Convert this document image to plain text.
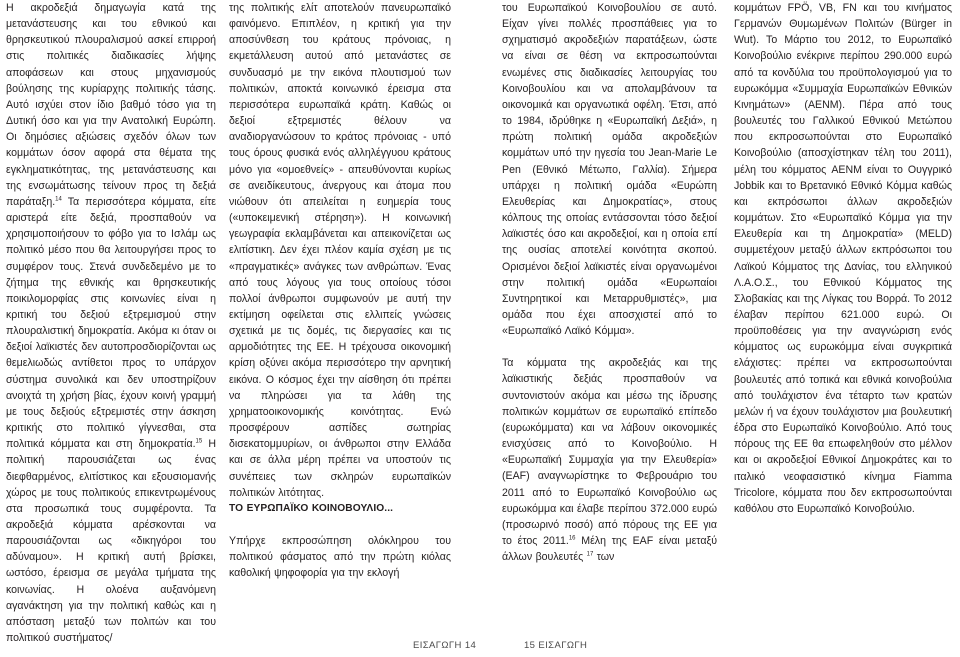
Η ακροδεξιά δημαγωγία κατά της μετανάστευσης και του εθνικού και θρησκευτικού πλουραλισμού ασκεί επιρροή στις πολιτικές διαδικασίες λήψης αποφάσεων και στους μηχανισμούς βούλησης της κυρίαρχης πολιτικής τάσης. Αυτό ισχύει στον ίδιο βαθμό τόσο για τη Δυτική όσο και για την Ανατολική Ευρώπη. Οι δημόσιες αξιώσεις σχεδόν όλων των κομμάτων όσον αφορά στα θέματα της εγκληματικότητας, της μετανάστευσης και της ενσωμάτωσης τείνουν προς τη δεξιά παράταξη.$^{14}$ Τα περισσότερα κόμματα, είτε αριστερά είτε δεξιά, προσπαθούν να χρησιμοποιήσουν το φόβο για το Ισλάμ ως πολιτικό μέσο που θα λειτουργήσει προς το συμφέρον τους. Στενά συνδεδεμένο με το ζήτημα της εθνικής και θρησκευτικής ποικιλομορφίας στις κοινωνίες είναι η κριτική του δεξιού εξτρεμισμού στην πλουραλιστική δημοκρατία. Ακόμα κι όταν οι δεξιοί λαϊκιστές δεν αυτοπροσδιορίζονται ως θεμελιωδώς αντίθετοι προς το υπάρχον σύστημα συνολικά και δεν υποστηρίζουν ανοιχτά τη χρήση βίας, έχουν κοινή γραμμή με τους δεξιούς εξτρεμιστές στην άσκηση κριτικής στο πολιτικό γίγνεσθαι, στα πολιτικά κόμματα και στη δημοκρατία.$^{15}$ Η πολιτική παρουσιάζεται ως ένας διεφθαρμένος, ελιτίστικος και εξουσιομανής χώρος με τους πολιτικούς επικεντρωμένους στα προσωπικά τους συμφέροντα. Τα ακροδεξιά κόμματα αρέσκονται να παρουσιάζονται ως «δικηγόροι του αδύναμου». Η κριτική αυτή βρίσκει, ωστόσο, έρεισμα σε μεγάλα τμήματα της κοινωνίας. Η ολοένα αυξανόμενη αγανάκτηση για την πολιτική καθώς και η απόσταση μεταξύ των πολιτών και του πολιτικού συστήματος/

της πολιτικής ελίτ αποτελούν πανευρωπαϊκό φαινόμενο. Επιπλέον, η κριτική για την αποσύνθεση του κράτους πρόνοιας, η εκμετάλλευση αυτού από μετανάστες σε συνδυασμό με την εικόνα πλουτισμού των πολιτικών, αποκτά κοινωνικό έρεισμα στα περισσότερα ευρωπαϊκά κράτη. Καθώς οι δεξιοί εξτρεμιστές θέλουν να αναδιοργανώσουν το κράτος πρόνοιας - υπό τους όρους φυσικά ενός αλληλέγγυου κράτους μόνο για «ομοεθνείς» - απευθύνονται κυρίως σε ανειδίκευτους, άνεργους και άτομα που νιώθουν ότι απειλείται η ευημερία τους («υποκειμενική στέρηση»). Η κοινωνική γεωγραφία εκλαμβάνεται και απεικονίζεται ως ελιτίστικη. Δεν έχει πλέον καμία σχέση με τις «πραγματικές» ανάγκες των ανθρώπων. Ένας από τους λόγους για τους οποίους τόσοι πολλοί άνθρωποι συμφωνούν με αυτή την εκτίμηση οφείλεται στις ελλιπείς γνώσεις σχετικά με τις δομές, τις διεργασίες και τις αρμοδιότητες της ΕΕ. Η τρέχουσα οικονομική κρίση οξύνει ακόμα περισσότερο την αρνητική εικόνα. Ο κόσμος έχει την αίσθηση ότι πρέπει να πληρώσει για τα λάθη της χρηματοοικονομικής κοινότητας. Ενώ προσφέρουν ασπίδες σωτηρίας δισεκατομμυρίων, οι άνθρωποι στην Ελλάδα και σε άλλα μέρη πρέπει να υποστούν τις συνέπειες των σκληρών ευρωπαϊκών πολιτικών λιτότητας.

ΤΟ ΕΥΡΩΠΑΪΚΟ ΚΟΙΝΟΒΟΥΛΙΟ...

Υπήρχε εκπροσώπηση ολόκληρου του πολιτικού φάσματος από την πρώτη κιόλας καθολική ψηφοφορία για την εκλογή

του Ευρωπαϊκού Κοινοβουλίου σε αυτό. Είχαν γίνει πολλές προσπάθειες για το σχηματισμό ακροδεξιών παρατάξεων, ώστε να είναι σε θέση να εκπροσωπούνται ενωμένες στις διαδικασίες λειτουργίας του Κοινοβουλίου και να απολαμβάνουν τα οικονομικά και οργανωτικά οφέλη. Έτσι, από το 1984, ιδρύθηκε η «Ευρωπαϊκή Δεξιά», η πρώτη πολιτική ομάδα ακροδεξιών κομμάτων υπό την ηγεσία του Jean-Marie Le Pen (Εθνικό Μέτωπο, Γαλλία). Σήμερα υπάρχει η πολιτική ομάδα «Ευρώπη Ελευθερίας και Δημοκρατίας», στους κόλπους της οποίας εντάσσονται τόσο δεξιοί λαϊκιστές όσο και ακροδεξιοί, και η οποία επί της ουσίας αποτελεί κοινότητα σκοπού. Ορισμένοι δεξιοί λαϊκιστές είναι οργανωμένοι στην πολιτική ομάδα «Ευρωπαίοι Συντηρητικοί και Μεταρρυθμιστές», μια ομάδα που έχει αποσχιστεί από το «Ευρωπαϊκό Λαϊκό Κόμμα».

Τα κόμματα της ακροδεξιάς και της λαϊκιστικής δεξιάς προσπαθούν να συντονιστούν ακόμα και μέσω της ίδρυσης πολιτικών κομμάτων σε ευρωπαϊκό επίπεδο (ευρωκόμματα) και να λάβουν οικονομικές ενισχύσεις από το Κοινοβούλιο. Η «Ευρωπαϊκή Συμμαχία για την Ελευθερία» (EAF) αναγνωρίστηκε το Φεβρουάριο του 2011 από το Ευρωπαϊκό Κοινοβούλιο ως ευρωκόμμα και έλαβε περίπου 372.000 ευρώ (προσωρινό ποσό) από πόρους της ΕΕ για το έτος 2011.16 Μέλη της EAF είναι μεταξύ άλλων βουλευτές $^{17}$ των

κομμάτων FPÖ, VB, FN και του κινήματος Γερμανών Θυμωμένων Πολιτών (Bürger in Wut). Το Μάρτιο του 2012, το Ευρωπαϊκό Κοινοβούλιο ενέκρινε περίπου 290.000 ευρώ από τα κονδύλια του προϋπολογισμού για το ευρωκόμμα «Συμμαχία Ευρωπαϊκών Εθνικών Κινημάτων» (AENM). Πέρα από τους βουλευτές του Γαλλικού Εθνικού Μετώπου που εκπροσωπούνται στο Ευρωπαϊκό Κοινοβούλιο (αποσχίστηκαν τέλη του 2011), μέλη του κόμματος AENM είναι το Ουγγρικό Jobbik και το Βρετανικό Εθνικό Κόμμα καθώς και εκπρόσωποι άλλων ακροδεξιών κομμάτων. Στο «Ευρωπαϊκό Κόμμα για την Ελευθερία και τη Δημοκρατία» (MELD) συμμετέχουν μεταξύ άλλων εκπρόσωποι του Λαϊκού Κόμματος της Δανίας, του ελληνικού Λ.Α.Ο.Σ., του Εθνικού Κόμματος της Σλοβακίας και της Λίγκας του Βορρά. Το 2012 έλαβαν περίπου 621.000 ευρώ. Οι προϋποθέσεις για την αναγνώριση ενός κόμματος ως ευρωκόμμα είναι συγκριτικά ελάχιστες: πρέπει να εκπροσωπούνται βουλευτές από τοπικά και εθνικά κοινοβούλια από τουλάχιστον ένα τέταρτο των κρατών μελών ή να έχουν τουλάχιστον μια βουλευτική έδρα στο Ευρωπαϊκό Κοινοβούλιο. Από τους πόρους της ΕΕ θα επωφεληθούν στο μέλλον και οι ακροδεξιοί Εθνικοί Δημοκράτες και το ιταλικό νεοφασιστικό κίνημα Fiamma Tricolore, κόμματα που δεν εκπροσωπούνται καθόλου στο Ευρωπαϊκό Κοινοβούλιο.

ΕΙΣΑΓΩΓΗ 14	15 ΕΙΣΑΓΩΓΗ
